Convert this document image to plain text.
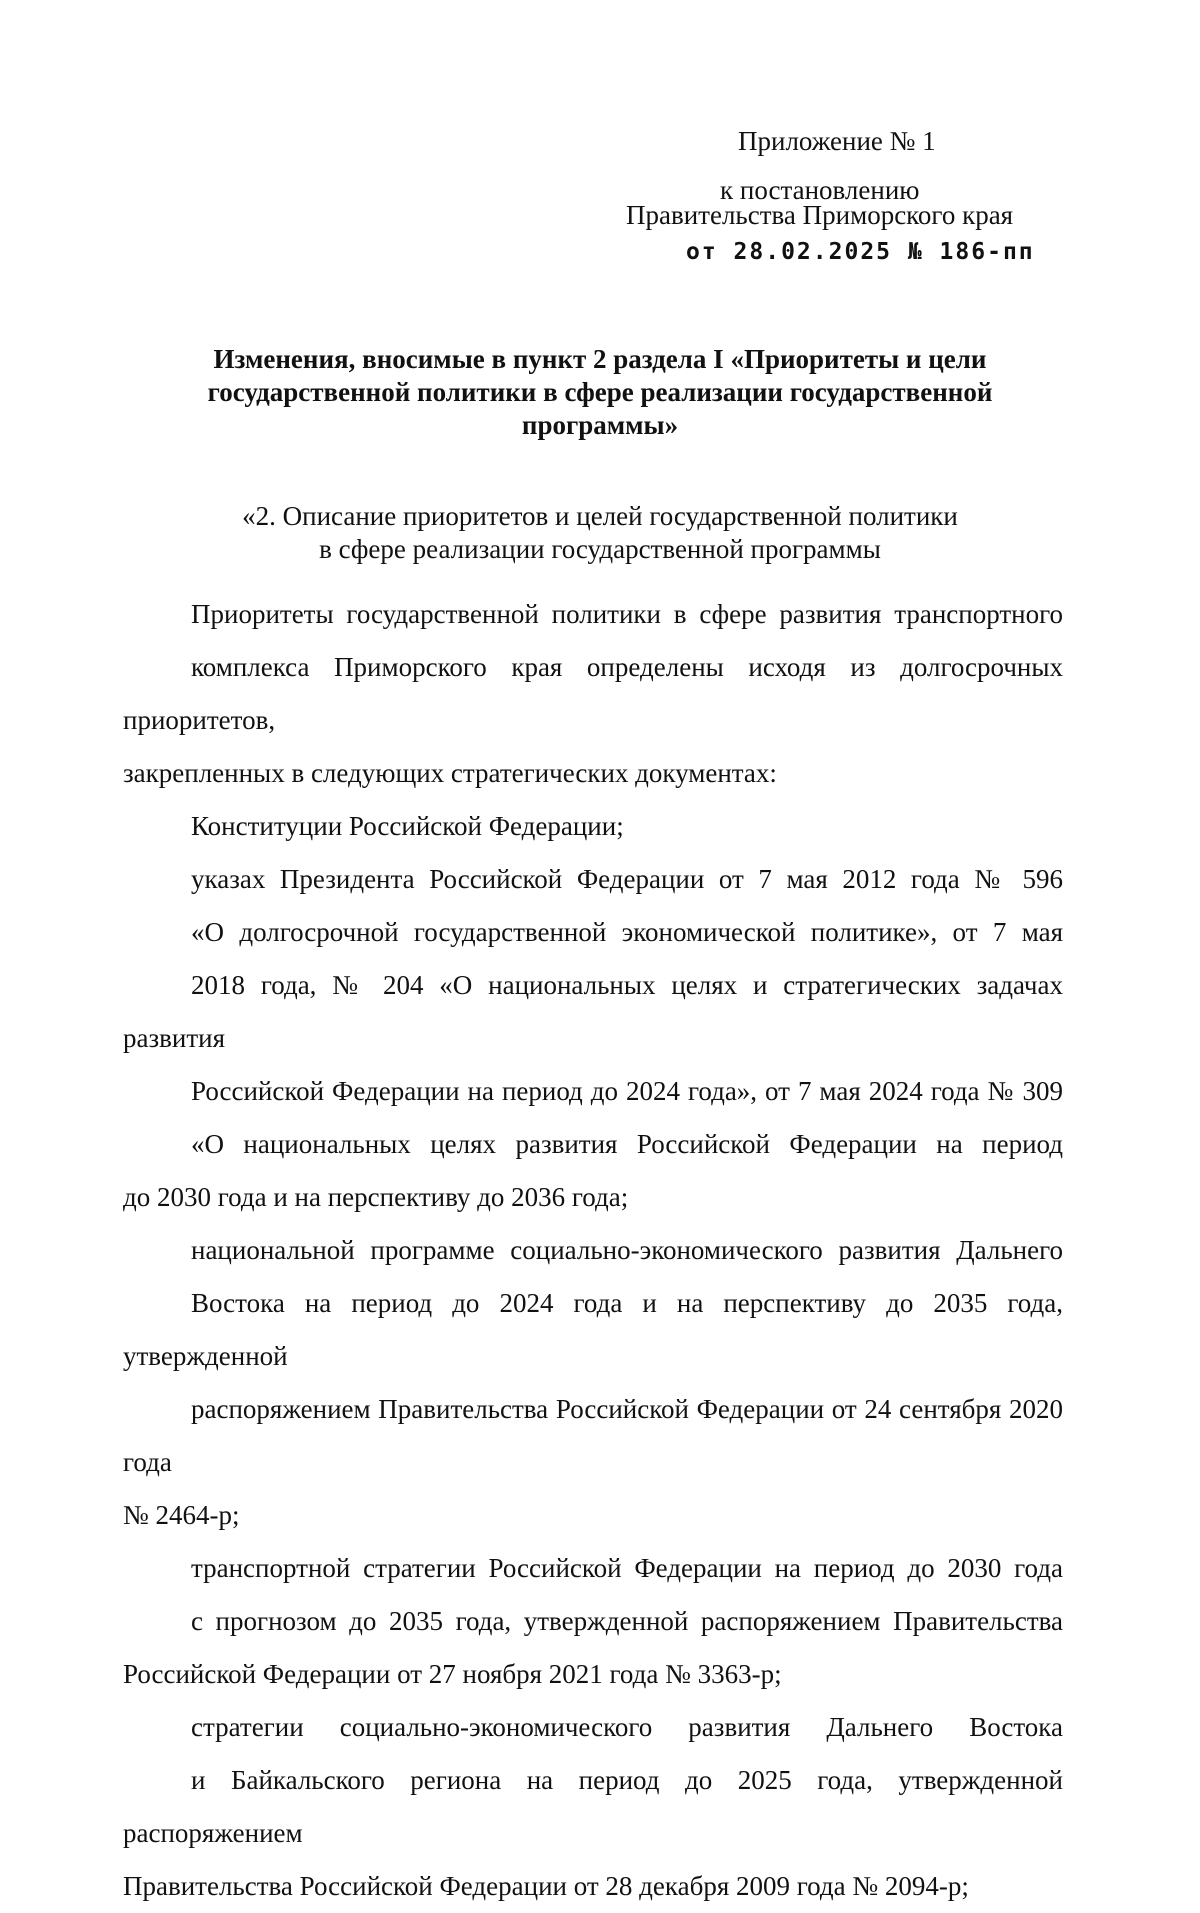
Приложение № 1
к постановлению
Правительства Приморского края
от 28.02.2025 № 186-пп
Изменения, вносимые в пункт 2 раздела I «Приоритеты и цели
государственной политики в сфере реализации государственной
программы»
«2. Описание приоритетов и целей государственной политики
в сфере реализации государственной программы

Приоритеты государственной политики в сфере развития транспортного
комплекса Приморского края определены исходя из долгосрочных приоритетов,
закрепленных в следующих стратегических документах:

Конституции Российской Федерации;

указах Президента Российской Федерации от 7 мая 2012 года № 596
«О долгосрочной государственной экономической политике», от 7 мая
2018 года, № 204 «О национальных целях и стратегических задачах развития
Российской Федерации на период до 2024 года», от 7 мая 2024 года № 309
«О национальных целях развития Российской Федерации на период
до 2030 года и на перспективу до 2036 года;

национальной программе социально-экономического развития Дальнего
Востока на период до 2024 года и на перспективу до 2035 года, утвержденной
распоряжением Правительства Российской Федерации от 24 сентября 2020 года
№ 2464-р;

транспортной стратегии Российской Федерации на период до 2030 года
с прогнозом до 2035 года, утвержденной распоряжением Правительства
Российской Федерации от 27 ноября 2021 года № 3363-р;

стратегии социально-экономического развития Дальнего Востока
и Байкальского региона на период до 2025 года, утвержденной распоряжением
Правительства Российской Федерации от 28 декабря 2009 года № 2094-р;
